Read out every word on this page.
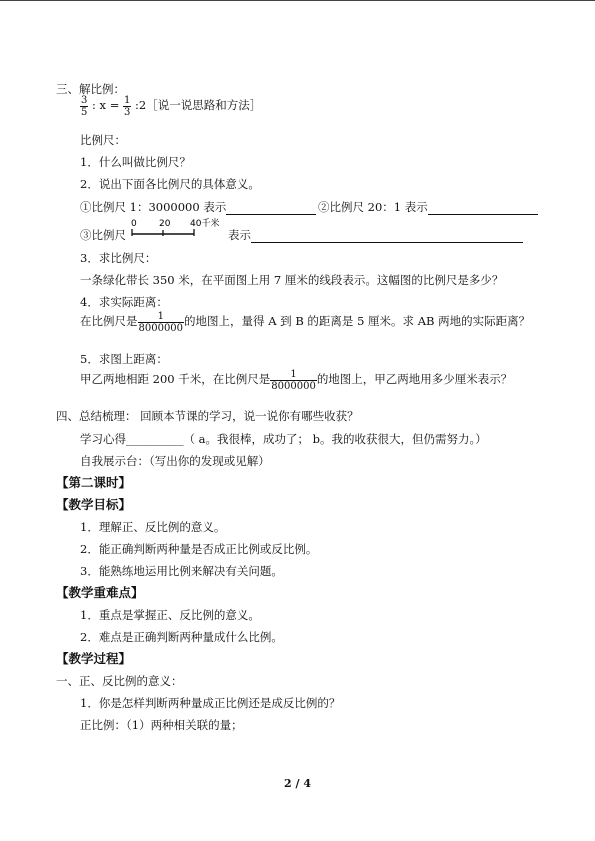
三、解比例：
$\frac{3}{5}$ : $x = \frac{1}{3}$ :2［说一说思路和方法］
比例尺：
1．什么叫做比例尺？
2．说出下面各比例尺的具体意义。
①比例尺 1：3000000 表示	②比例尺 20：1 表示
③比例尺
0 20 40千米
表示
3．求比例尺：
一条绿化带长 350 米，在平面图上用 7 厘米的线段表示。这幅图的比例尺是多少？
4．求实际距离：
在比例尺是 $\frac{1}{8000000}$ 的地图上，量得 A 到 B 的距离是 5 厘米。求 AB 两地的实际距离？
5．求图上距离：
甲乙两地相距 200 千米，在比例尺是 $\frac{1}{8000000}$ 的地图上，甲乙两地用多少厘米表示？
四、总结梳理： 回顾本节课的学习，说一说你有哪些收获？
学习心得__________（ a。我很棒，成功了； b。我的收获很大，但仍需努力。）
自我展示台：（写出你的发现或见解）
【第二课时】
【教学目标】
1．理解正、反比例的意义。
2．能正确判断两种量是否成正比例或反比例。
3．能熟练地运用比例来解决有关问题。
【教学重难点】
1．重点是掌握正、反比例的意义。
2．难点是正确判断两种量成什么比例。
【教学过程】
一、正、反比例的意义：
1．你是怎样判断两种量成正比例还是成反比例的？
正比例：（1）两种相关联的量；
2 / 4
